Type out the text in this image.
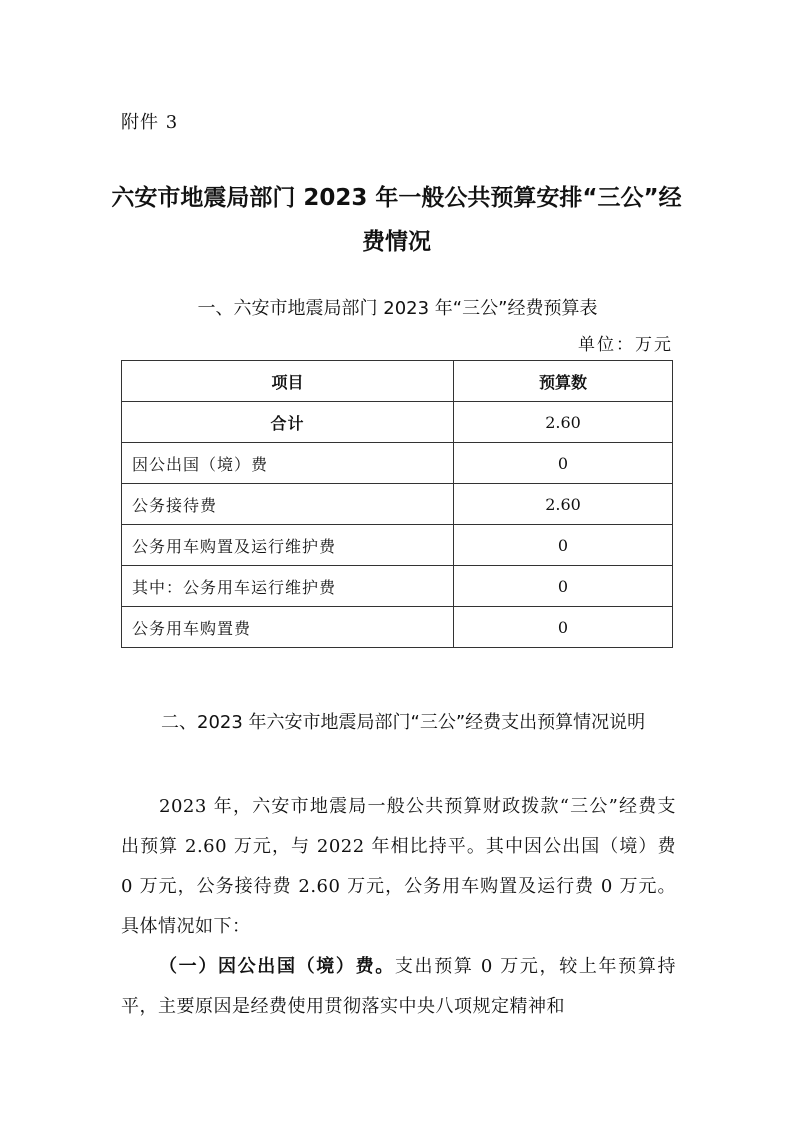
附件 3
六安市地震局部门 2023 年一般公共预算安排“三公”经费情况
一、六安市地震局部门 2023 年“三公”经费预算表
单位：万元
项目	预算数
合计	2.60
因公出国（境）费	0
公务接待费	2.60
公务用车购置及运行维护费	0
其中：公务用车运行维护费	0
公务用车购置费	0
二、2023 年六安市地震局部门“三公”经费支出预算情况说明
2023 年，六安市地震局一般公共预算财政拨款“三公”经费支出预算 2.60 万元，与 2022 年相比持平。其中因公出国（境）费 0 万元，公务接待费 2.60 万元，公务用车购置及运行费 0 万元。具体情况如下：
（一）因公出国（境）费。支出预算 0 万元，较上年预算持平，主要原因是经费使用贯彻落实中央八项规定精神和
